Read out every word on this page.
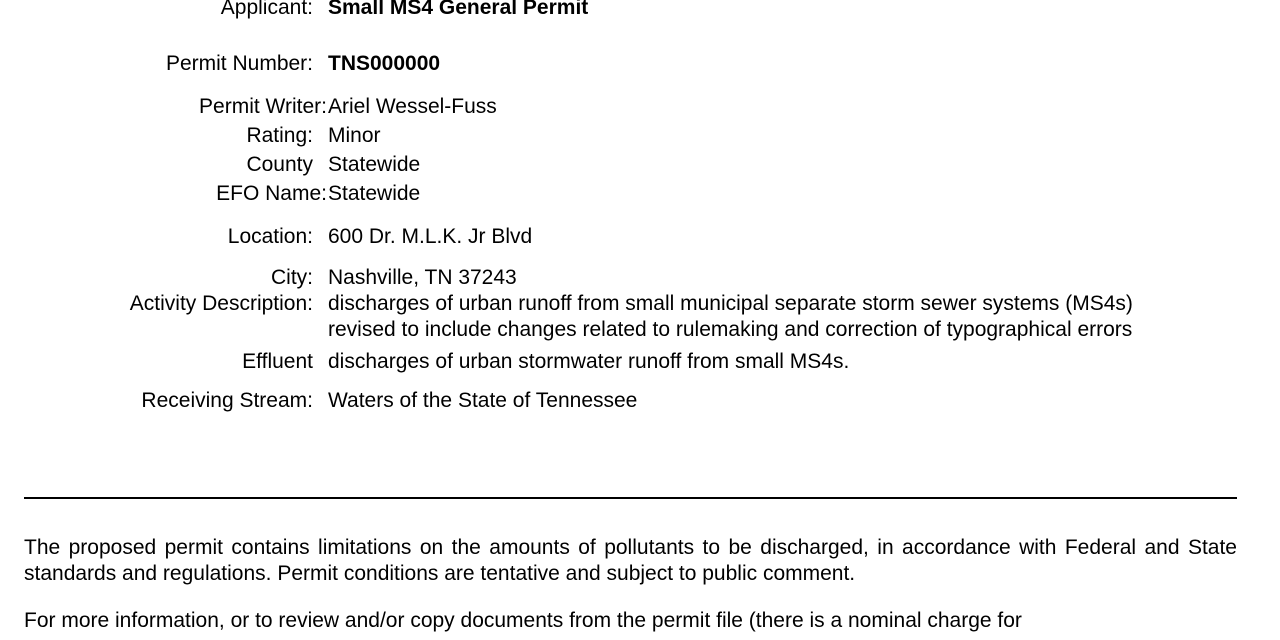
Applicant: Small MS4 General Permit
Permit Number: TNS000000
Permit Writer: Ariel Wessel-Fuss
Rating: Minor
County Statewide
EFO Name: Statewide
Location: 600 Dr. M.L.K. Jr Blvd
City: Nashville, TN 37243
Activity Description: discharges of urban runoff from small municipal separate storm sewer systems (MS4s)
revised to include changes related to rulemaking and correction of typographical errors
Effluent discharges of urban stormwater runoff from small MS4s.
Receiving Stream: Waters of the State of Tennessee
The proposed permit contains limitations on the amounts of pollutants to be discharged, in accordance with Federal and State standards and regulations. Permit conditions are tentative and subject to public comment.
For more information, or to review and/or copy documents from the permit file (there is a nominal charge for
